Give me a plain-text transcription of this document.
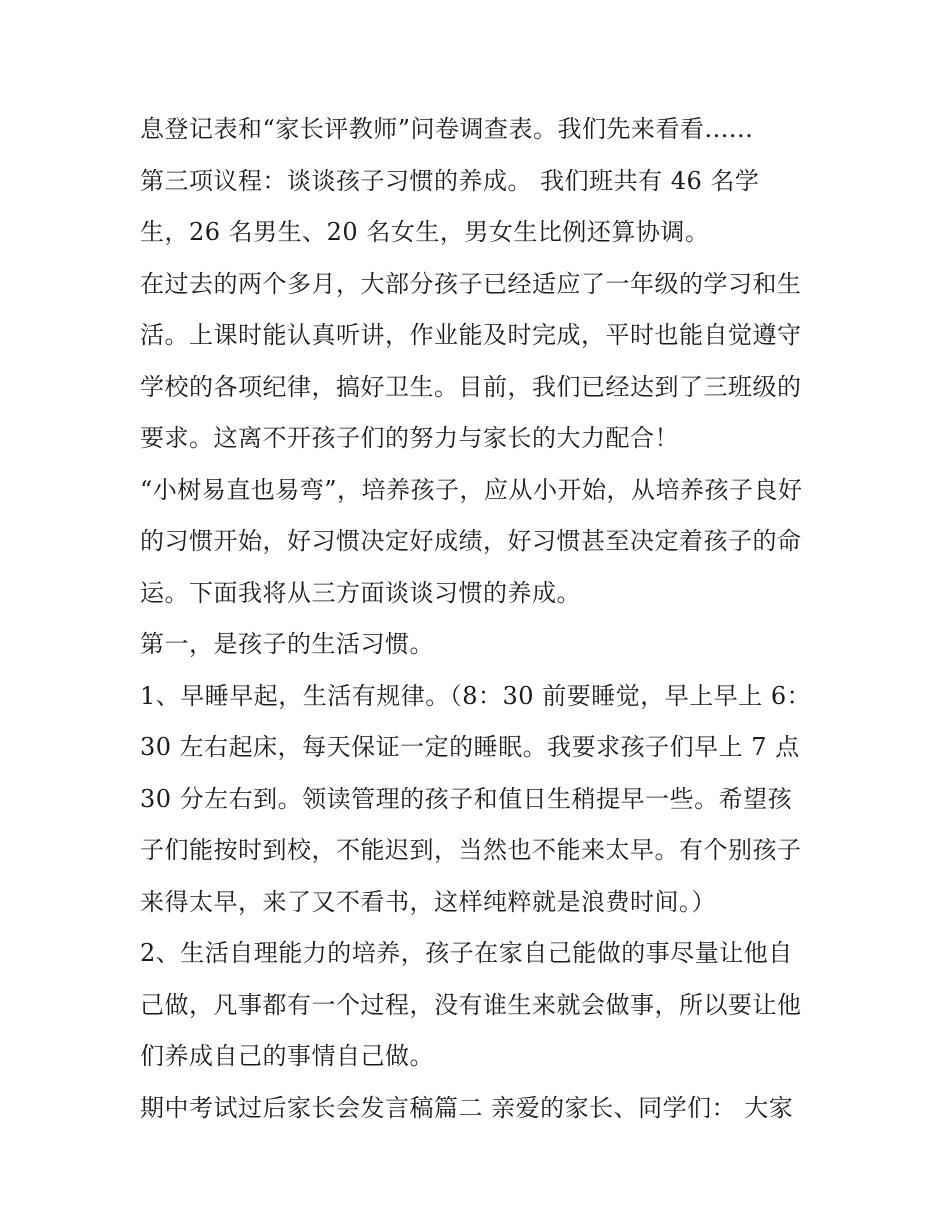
息登记表和“家长评教师”问卷调查表。我们先来看看......
第三项议程：谈谈孩子习惯的养成。 我们班共有 46 名学
生，26 名男生、20 名女生，男女生比例还算协调。
在过去的两个多月，大部分孩子已经适应了一年级的学习和生
活。上课时能认真听讲，作业能及时完成，平时也能自觉遵守
学校的各项纪律，搞好卫生。目前，我们已经达到了三班级的
要求。这离不开孩子们的努力与家长的大力配合！
“小树易直也易弯”，培养孩子，应从小开始，从培养孩子良好
的习惯开始，好习惯决定好成绩，好习惯甚至决定着孩子的命
运。下面我将从三方面谈谈习惯的养成。
第一，是孩子的生活习惯。
1、早睡早起，生活有规律。（8：30 前要睡觉，早上早上 6：
30 左右起床，每天保证一定的睡眠。我要求孩子们早上 7 点
30 分左右到。领读管理的孩子和值日生稍提早一些。希望孩
子们能按时到校，不能迟到，当然也不能来太早。有个别孩子
来得太早，来了又不看书，这样纯粹就是浪费时间。）
2、生活自理能力的培养，孩子在家自己能做的事尽量让他自
己做，凡事都有一个过程，没有谁生来就会做事，所以要让他
们养成自己的事情自己做。
期中考试过后家长会发言稿篇二 亲爱的家长、同学们： 大家
